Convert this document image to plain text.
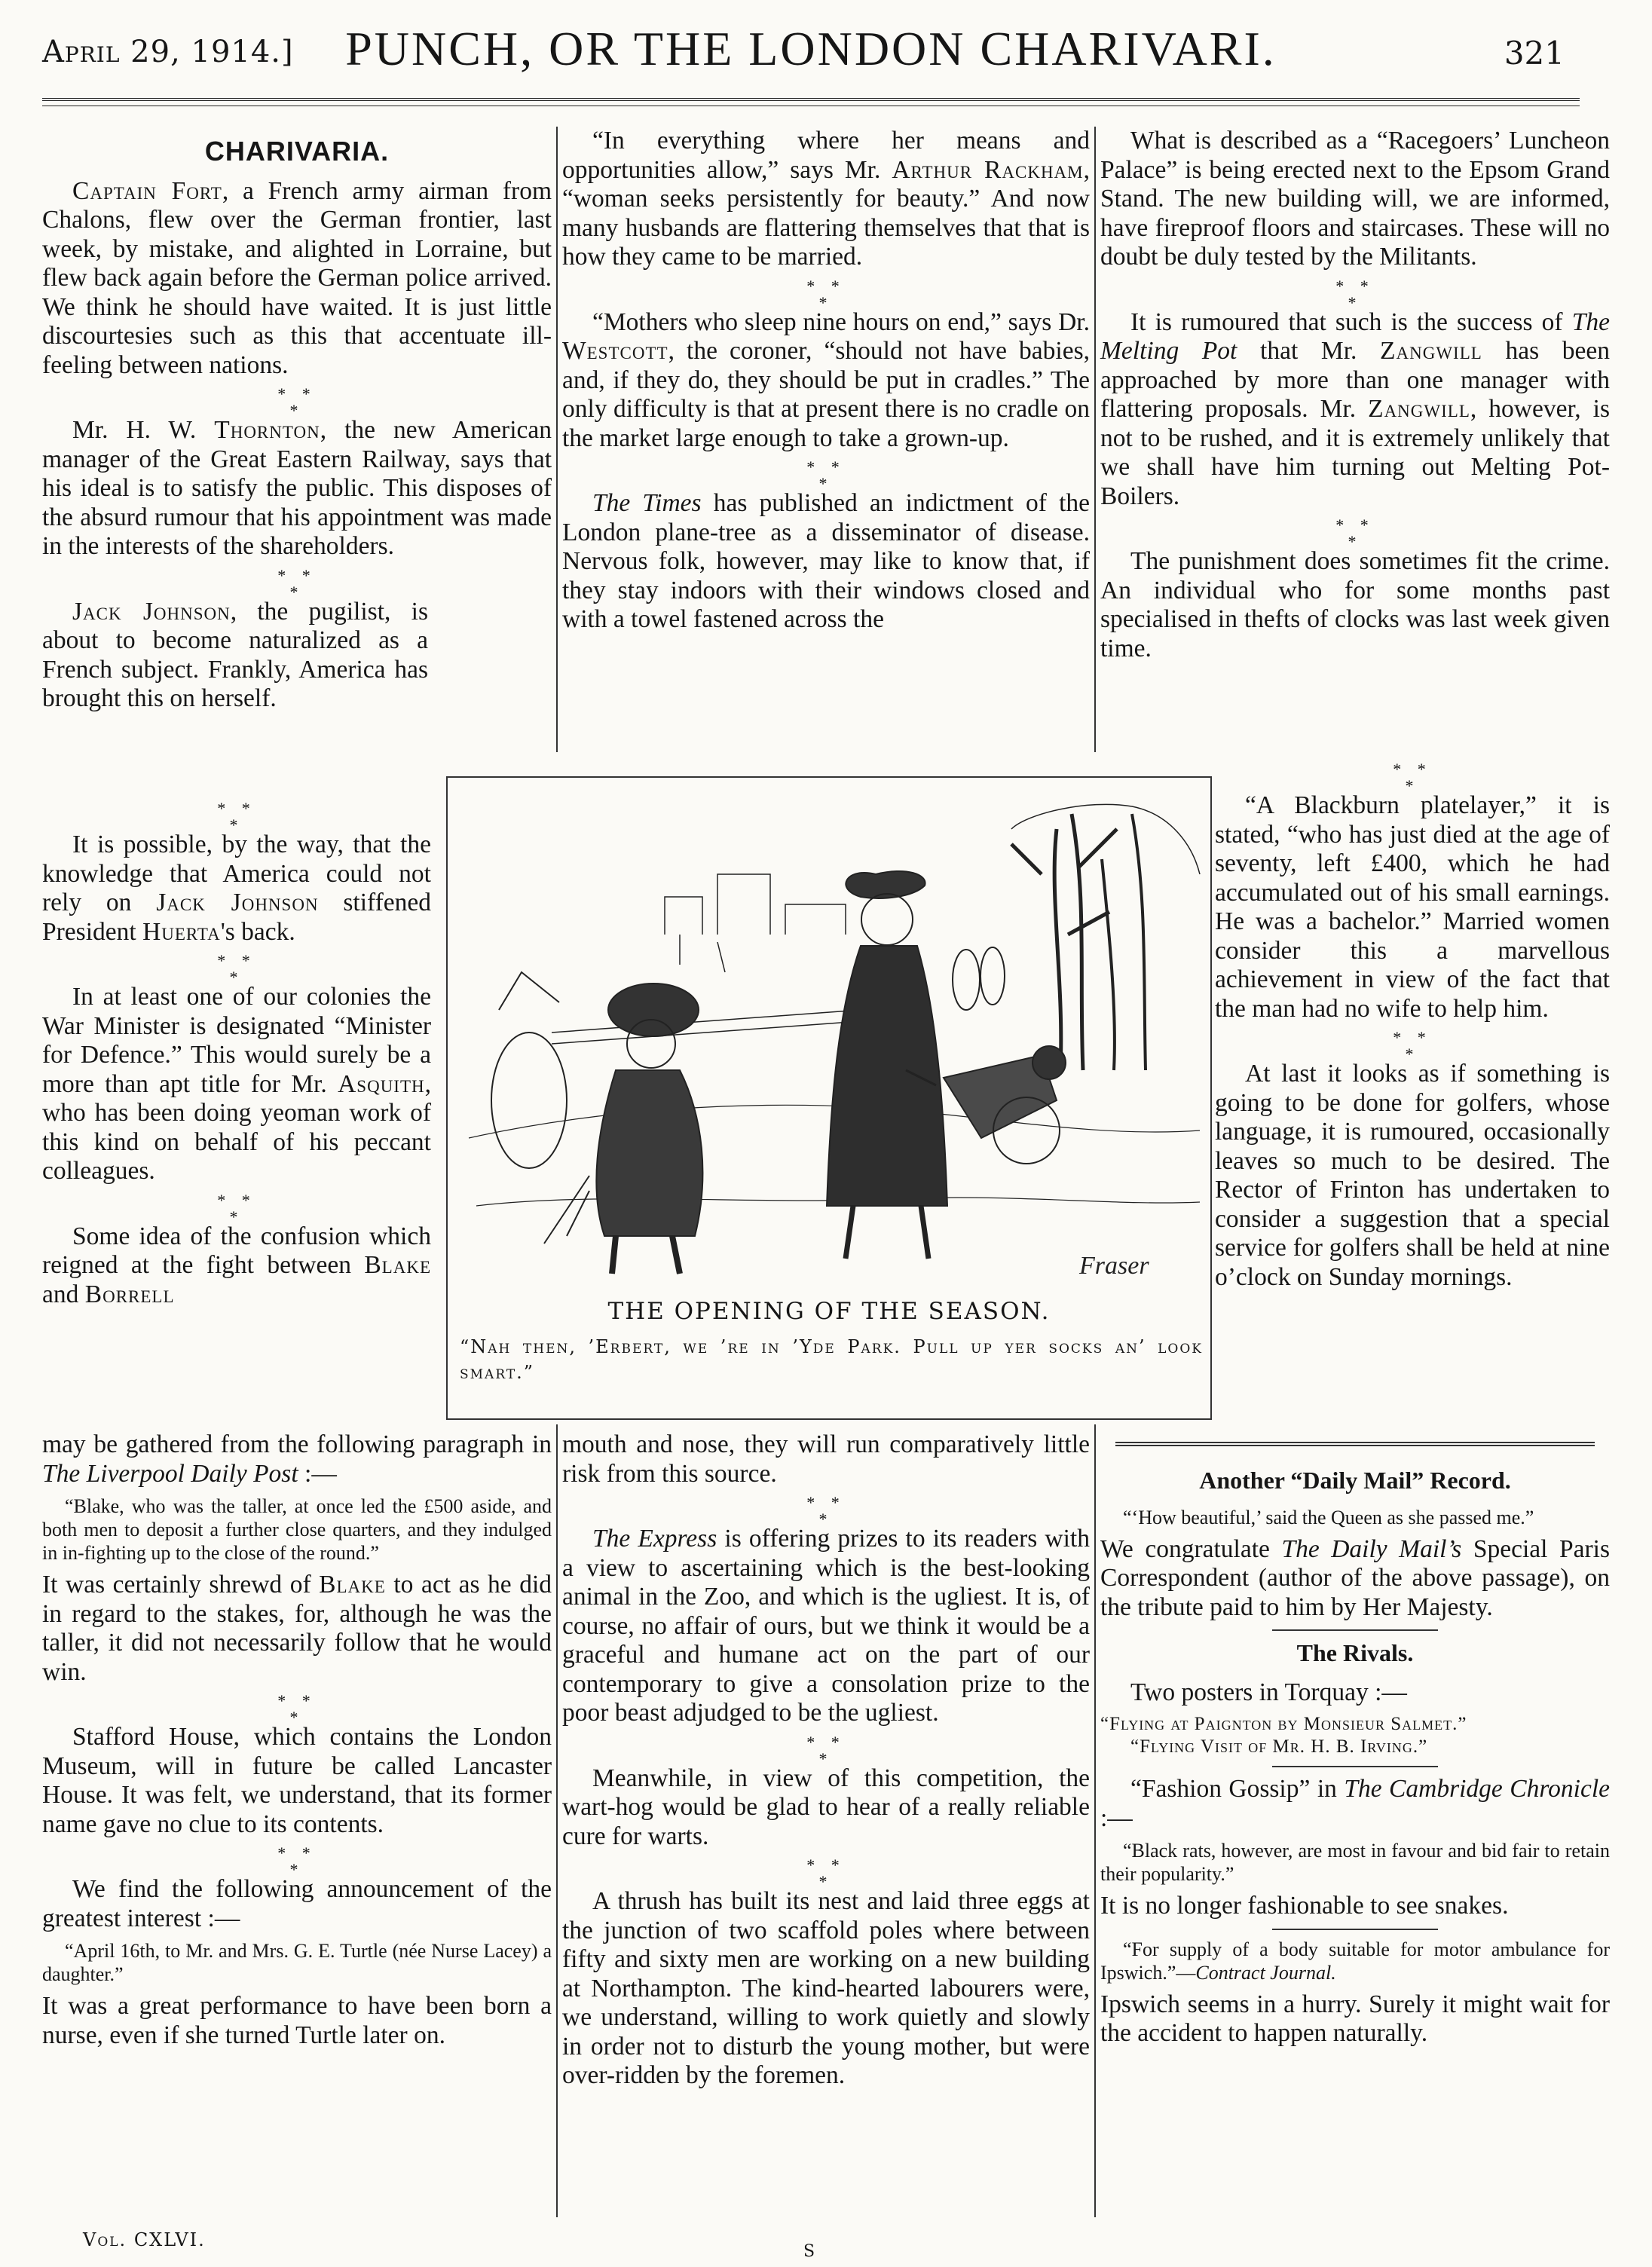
April 29, 1914.]	PUNCH, OR THE LONDON CHARIVARI.	321
CHARIVARIA.

Captain Fort, a French army airman from Chalons, flew over the German frontier, last week, by mistake, and alighted in Lorraine, but flew back again before the German police arrived. We think he should have waited. It is just little discourtesies such as this that accentuate ill-feeling between nations.

* *
*

Mr. H. W. Thornton, the new American manager of the Great Eastern Railway, says that his ideal is to satisfy the public. This disposes of the absurd rumour that his appointment was made in the interests of the shareholders.

* *
*

Jack Johnson, the pugilist, is about to become naturalized as a French subject. Frankly, America has brought this on herself.

* *
*

It is possible, by the way, that the knowledge that America could not rely on Jack Johnson stiffened President Huerta's back.

* *
*

In at least one of our colonies the War Minister is designated “Minister for Defence.” This would surely be a more than apt title for Mr. Asquith, who has been doing yeoman work of this kind on behalf of his peccant colleagues.

* *
*

Some idea of the confusion which reigned at the fight between Blake and Borrell

may be gathered from the following paragraph in The Liverpool Daily Post :—

“Blake, who was the taller, at once led the £500 aside, and both men to deposit a further close quarters, and they indulged in in-fighting up to the close of the round.”

It was certainly shrewd of Blake to act as he did in regard to the stakes, for, although he was the taller, it did not necessarily follow that he would win.

* *
*

Stafford House, which contains the London Museum, will in future be called Lancaster House. It was felt, we understand, that its former name gave no clue to its contents.

* *
*

We find the following announcement of the greatest interest :—

“April 16th, to Mr. and Mrs. G. E. Turtle (née Nurse Lacey) a daughter.”

It was a great performance to have been born a nurse, even if she turned Turtle later on.

“In everything where her means and opportunities allow,” says Mr. Arthur Rackham, “woman seeks persistently for beauty.” And now many husbands are flattering themselves that that is how they came to be married.

* *
*

“Mothers who sleep nine hours on end,” says Dr. Westcott, the coroner, “should not have babies, and, if they do, they should be put in cradles.” The only difficulty is that at present there is no cradle on the market large enough to take a grown-up.

* *
*

The Times has published an indictment of the London plane-tree as a disseminator of disease. Nervous folk, however, may like to know that, if they stay indoors with their windows closed and with a towel fastened across the

mouth and nose, they will run comparatively little risk from this source.

* *
*

The Express is offering prizes to its readers with a view to ascertaining which is the best-looking animal in the Zoo, and which is the ugliest. It is, of course, no affair of ours, but we think it would be a graceful and humane act on the part of our contemporary to give a consolation prize to the poor beast adjudged to be the ugliest.

* *
*

Meanwhile, in view of this competition, the wart-hog would be glad to hear of a really reliable cure for warts.

* *
*

A thrush has built its nest and laid three eggs at the junction of two scaffold poles where between fifty and sixty men are working on a new building at Northampton. The kind-hearted labourers were, we understand, willing to work quietly and slowly in order not to disturb the young mother, but were over-ridden by the foremen.

What is described as a “Racegoers’ Luncheon Palace” is being erected next to the Epsom Grand Stand. The new building will, we are informed, have fireproof floors and staircases. These will no doubt be duly tested by the Militants.

* *
*

It is rumoured that such is the success of The Melting Pot that Mr. Zangwill has been approached by more than one manager with flattering proposals. Mr. Zangwill, however, is not to be rushed, and it is extremely unlikely that we shall have him turning out Melting Pot-Boilers.

* *
*

The punishment does sometimes fit the crime. An individual who for some months past specialised in thefts of clocks was last week given time.

* *
*

“A Blackburn platelayer,” it is stated, “who has just died at the age of seventy, left £400, which he had accumulated out of his small earnings. He was a bachelor.” Married women consider this a marvellous achievement in view of the fact that the man had no wife to help him.

* *
*

At last it looks as if something is going to be done for golfers, whose language, it is rumoured, occasionally leaves so much to be desired. The Rector of Frinton has undertaken to consider a suggestion that a special service for golfers shall be held at nine o’clock on Sunday mornings.

Another “Daily Mail” Record.

“‘How beautiful,’ said the Queen as she passed me.”

We congratulate The Daily Mail’s Special Paris Correspondent (author of the above passage), on the tribute paid to him by Her Majesty.

The Rivals.

Two posters in Torquay :—

“Flying at Paignton by Monsieur Salmet.”
“Flying Visit of Mr. H. B. Irving.”

“Fashion Gossip” in The Cambridge Chronicle :—

“Black rats, however, are most in favour and bid fair to retain their popularity.”

It is no longer fashionable to see snakes.

“For supply of a body suitable for motor ambulance for Ipswich.”—Contract Journal.

Ipswich seems in a hurry. Surely it might wait for the accident to happen naturally.

Fraser
THE OPENING OF THE SEASON.
“Nah then, ’Erbert, we ’re in ’Yde Park. Pull up yer socks an’ look smart.”
Vol. CXLVI.
S
